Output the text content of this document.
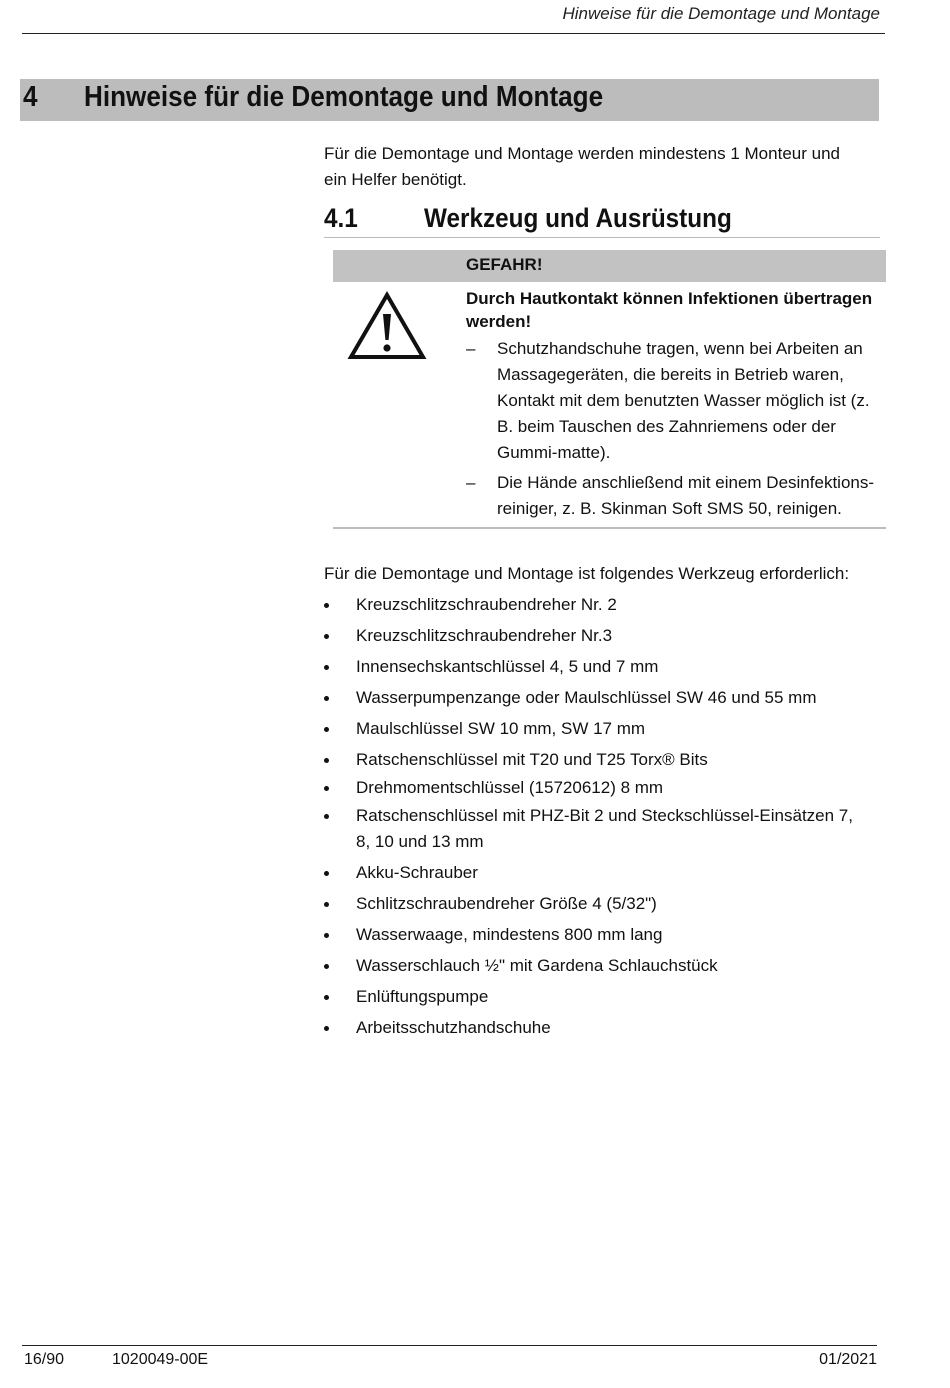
Hinweise für die Demontage und Montage
4 Hinweise für die Demontage und Montage
Für die Demontage und Montage werden mindestens 1 Monteur und ein Helfer benötigt.
4.1 Werkzeug und Ausrüstung
GEFAHR!
Durch Hautkontakt können Infektionen übertragen werden!
– Schutzhandschuhe tragen, wenn bei Arbeiten an Massagegeräten, die bereits in Betrieb waren, Kontakt mit dem benutzten Wasser möglich ist (z. B. beim Tauschen des Zahnriemens oder der Gummi-matte).
– Die Hände anschließend mit einem Desinfektions-reiniger, z. B. Skinman Soft SMS 50, reinigen.
Für die Demontage und Montage ist folgendes Werkzeug erforderlich:
Kreuzschlitzschraubendreher Nr. 2
Kreuzschlitzschraubendreher Nr.3
Innensechskantschlüssel 4, 5 und 7 mm
Wasserpumpenzange oder Maulschlüssel SW 46 und 55 mm
Maulschlüssel SW 10 mm, SW 17 mm
Ratschenschlüssel mit T20 und T25 Torx® Bits
Drehmomentschlüssel (15720612) 8 mm
Ratschenschlüssel mit PHZ-Bit 2 und Steckschlüssel-Einsätzen 7, 8, 10 und 13 mm
Akku-Schrauber
Schlitzschraubendreher Größe 4 (5/32")
Wasserwaage, mindestens 800 mm lang
Wasserschlauch ½" mit Gardena Schlauchstück
Enlüftungspumpe
Arbeitsschutzhandschuhe
16/90	1020049-00E	01/2021
